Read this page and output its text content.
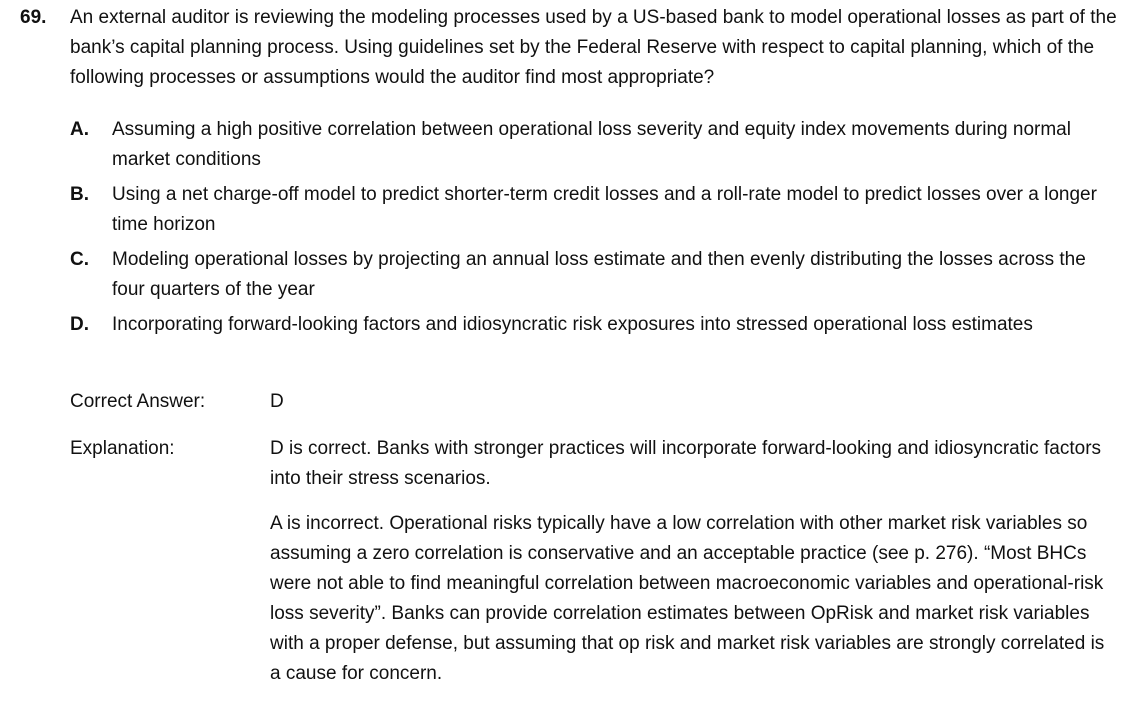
69. An external auditor is reviewing the modeling processes used by a US-based bank to model operational losses as part of the bank’s capital planning process. Using guidelines set by the Federal Reserve with respect to capital planning, which of the following processes or assumptions would the auditor find most appropriate?
A. Assuming a high positive correlation between operational loss severity and equity index movements during normal market conditions
B. Using a net charge-off model to predict shorter-term credit losses and a roll-rate model to predict losses over a longer time horizon
C. Modeling operational losses by projecting an annual loss estimate and then evenly distributing the losses across the four quarters of the year
D. Incorporating forward-looking factors and idiosyncratic risk exposures into stressed operational loss estimates
Correct Answer:	D
Explanation:	D is correct. Banks with stronger practices will incorporate forward-looking and idiosyncratic factors into their stress scenarios.

A is incorrect. Operational risks typically have a low correlation with other market risk variables so assuming a zero correlation is conservative and an acceptable practice (see p. 276). “Most BHCs were not able to find meaningful correlation between macroeconomic variables and operational-risk loss severity”. Banks can provide correlation estimates between OpRisk and market risk variables with a proper defense, but assuming that op risk and market risk variables are strongly correlated is a cause for concern.
